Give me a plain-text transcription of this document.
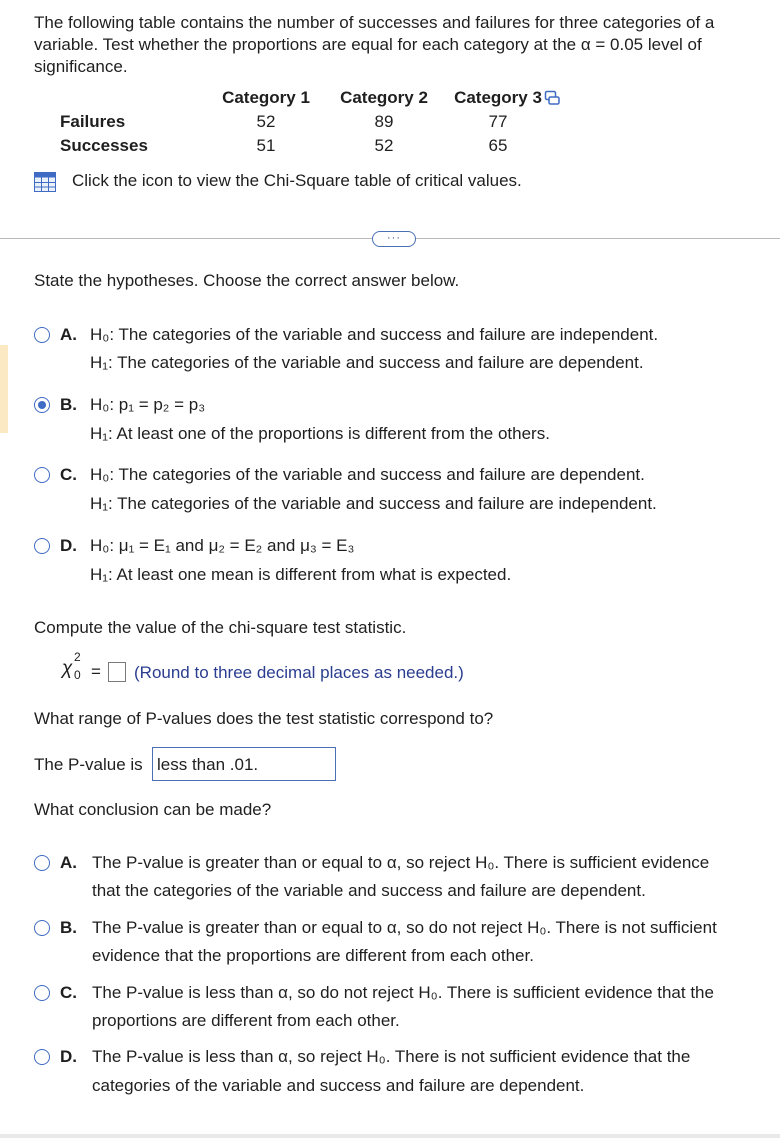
The following table contains the number of successes and failures for three categories of a variable. Test whether the proportions are equal for each category at the α = 0.05 level of significance.
	Category 1	Category 2	Category 3
Failures	52	89	77
Successes	51	52	65
Click the icon to view the Chi-Square table of critical values.
···
State the hypotheses. Choose the correct answer below.
A. H₀: The categories of the variable and success and failure are independent.
H₁: The categories of the variable and success and failure are dependent.
B. H₀: p₁ = p₂ = p₃
H₁: At least one of the proportions is different from the others.
C. H₀: The categories of the variable and success and failure are dependent.
H₁: The categories of the variable and success and failure are independent.
D. H₀: μ₁ = E₁ and μ₂ = E₂ and μ₃ = E₃
H₁: At least one mean is different from what is expected.
Compute the value of the chi-square test statistic.
χ
2
0 = (Round to three decimal places as needed.)
What range of P-values does the test statistic correspond to?
The P-value is less than .01.
What conclusion can be made?
A. The P-value is greater than or equal to α, so reject H₀. There is sufficient evidence
that the categories of the variable and success and failure are dependent.
B. The P-value is greater than or equal to α, so do not reject H₀. There is not sufficient
evidence that the proportions are different from each other.
C. The P-value is less than α, so do not reject H₀. There is sufficient evidence that the
proportions are different from each other.
D. The P-value is less than α, so reject H₀. There is not sufficient evidence that the
categories of the variable and success and failure are dependent.
